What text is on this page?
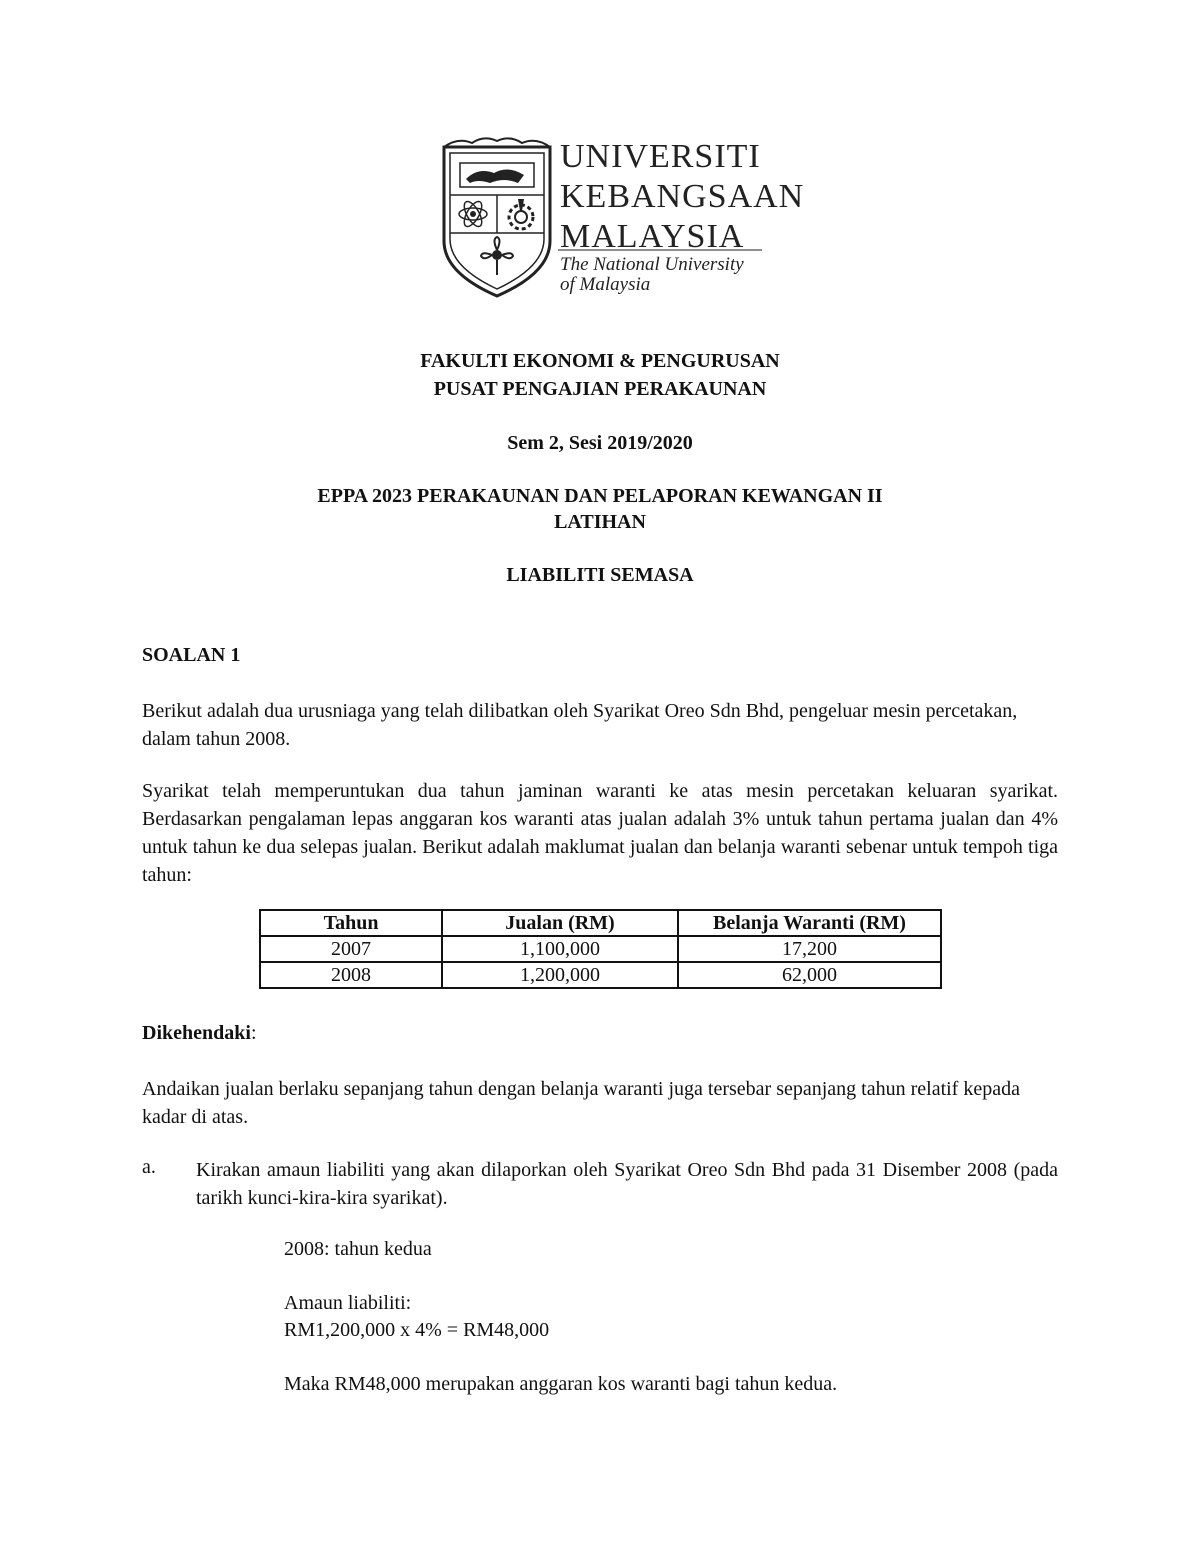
UNIVERSITI
KEBANGSAAN
MALAYSIA
The National University
of Malaysia
FAKULTI EKONOMI & PENGURUSAN
PUSAT PENGAJIAN PERAKAUNAN
Sem 2, Sesi 2019/2020
EPPA 2023 PERAKAUNAN DAN PELAPORAN KEWANGAN II
LATIHAN
LIABILITI SEMASA
SOALAN 1
Berikut adalah dua urusniaga yang telah dilibatkan oleh Syarikat Oreo Sdn Bhd, pengeluar mesin percetakan, dalam tahun 2008.
Syarikat telah memperuntukan dua tahun jaminan waranti ke atas mesin percetakan keluaran syarikat. Berdasarkan pengalaman lepas anggaran kos waranti atas jualan adalah 3% untuk tahun pertama jualan dan 4% untuk tahun ke dua selepas jualan. Berikut adalah maklumat jualan dan belanja waranti sebenar untuk tempoh tiga tahun:
Tahun	Jualan (RM)	Belanja Waranti (RM)
2007	1,100,000	17,200
2008	1,200,000	62,000
Dikehendaki:
Andaikan jualan berlaku sepanjang tahun dengan belanja waranti juga tersebar sepanjang tahun relatif kepada kadar di atas.
a. Kirakan amaun liabiliti yang akan dilaporkan oleh Syarikat Oreo Sdn Bhd pada 31 Disember 2008 (pada tarikh kunci-kira-kira syarikat).
2008: tahun kedua
Amaun liabiliti:
RM1,200,000 x 4% = RM48,000
Maka RM48,000 merupakan anggaran kos waranti bagi tahun kedua.
